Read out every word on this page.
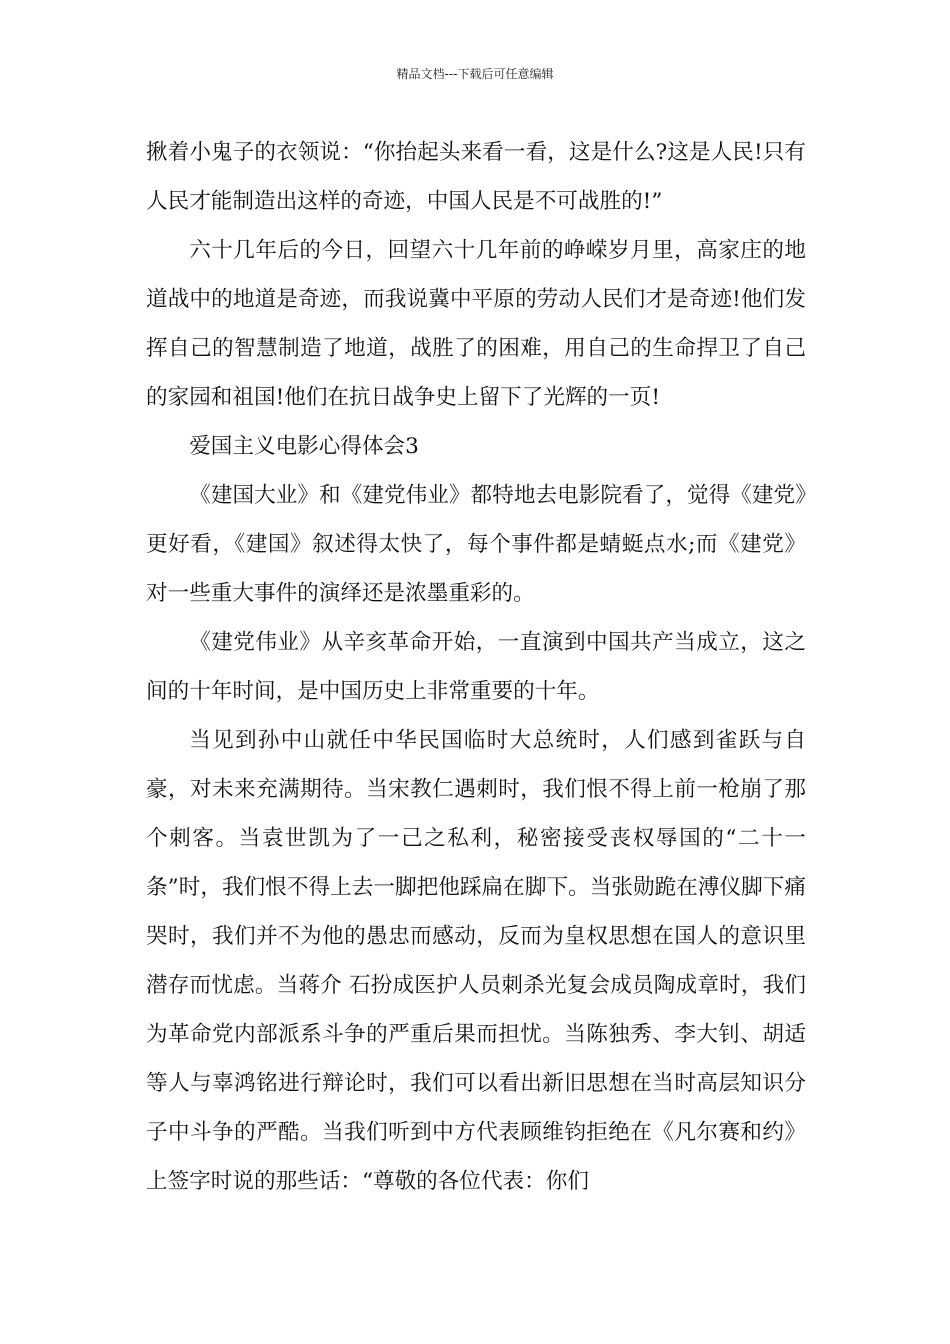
精品文档---下载后可任意编辑

揪着小鬼子的衣领说：“你抬起头来看一看，这是什么?这是人民!只有人民才能制造出这样的奇迹，中国人民是不可战胜的!”

六十几年后的今日，回望六十几年前的峥嵘岁月里，高家庄的地道战中的地道是奇迹，而我说冀中平原的劳动人民们才是奇迹!他们发挥自己的智慧制造了地道，战胜了的困难，用自己的生命捍卫了自己的家园和祖国!他们在抗日战争史上留下了光辉的一页!

爱国主义电影心得体会3

《建国大业》和《建党伟业》都特地去电影院看了，觉得《建党》更好看，《建国》叙述得太快了，每个事件都是蜻蜓点水;而《建党》对一些重大事件的演绎还是浓墨重彩的。

《建党伟业》从辛亥革命开始，一直演到中国共产当成立，这之间的十年时间，是中国历史上非常重要的十年。

当见到孙中山就任中华民国临时大总统时，人们感到雀跃与自豪，对未来充满期待。当宋教仁遇刺时，我们恨不得上前一枪崩了那个刺客。当袁世凯为了一己之私利，秘密接受丧权辱国的“二十一条”时，我们恨不得上去一脚把他踩扁在脚下。当张勋跪在溥仪脚下痛哭时，我们并不为他的愚忠而感动，反而为皇权思想在国人的意识里潜存而忧虑。当蒋介 石扮成医护人员刺杀光复会成员陶成章时，我们为革命党内部派系斗争的严重后果而担忧。当陈独秀、李大钊、胡适等人与辜鸿铭进行辩论时，我们可以看出新旧思想在当时高层知识分子中斗争的严酷。当我们听到中方代表顾维钧拒绝在《凡尔赛和约》上签字时说的那些话：“尊敬的各位代表：你们
